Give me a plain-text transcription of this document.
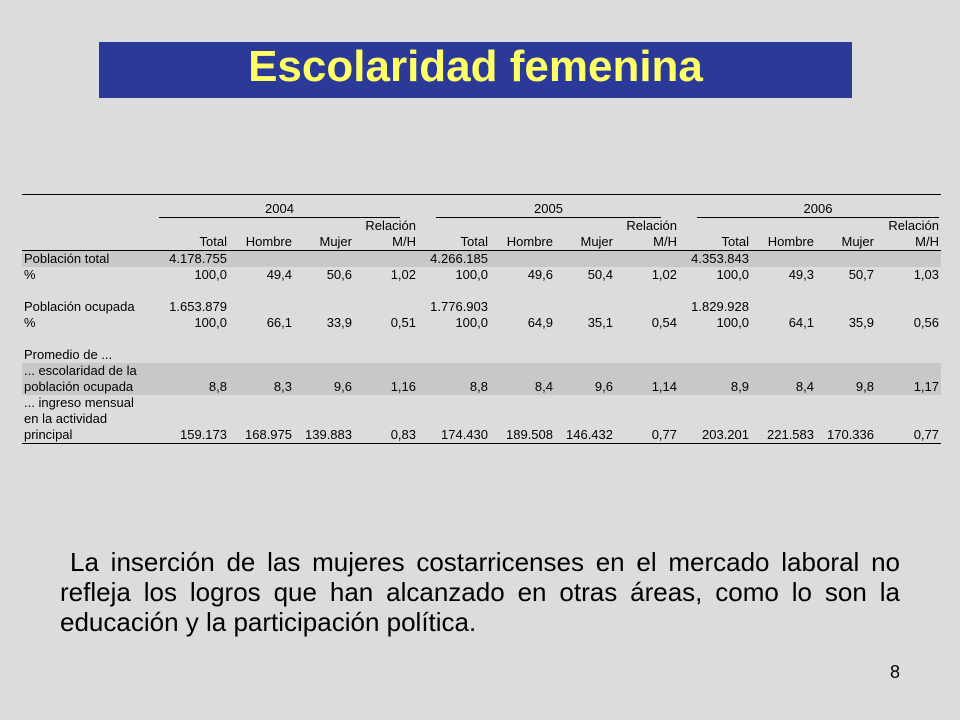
Escolaridad femenina

	2004				2005				2006			

				Relación				Relación				Relación
	Total	Hombre	Mujer	M/H	Total	Hombre	Mujer	M/H	Total	Hombre	Mujer	M/H
Población total	4.178.755				4.266.185				4.353.843			
%	100,0	49,4	50,6	1,02	100,0	49,6	50,4	1,02	100,0	49,3	50,7	1,03

Población ocupada	1.653.879				1.776.903				1.829.928			
%	100,0	66,1	33,9	0,51	100,0	64,9	35,1	0,54	100,0	64,1	35,9	0,56

Promedio de ...												
... escolaridad de la												
población ocupada	8,8	8,3	9,6	1,16	8,8	8,4	9,6	1,14	8,9	8,4	9,8	1,17
... ingreso mensual												
en la actividad												
principal	159.173	168.975	139.883	0,83	174.430	189.508	146.432	0,77	203.201	221.583	170.336	0,77
La inserción de las mujeres costarricenses en el mercado laboral no refleja los logros que han alcanzado en otras áreas, como lo son la educación y la participación política.
8
